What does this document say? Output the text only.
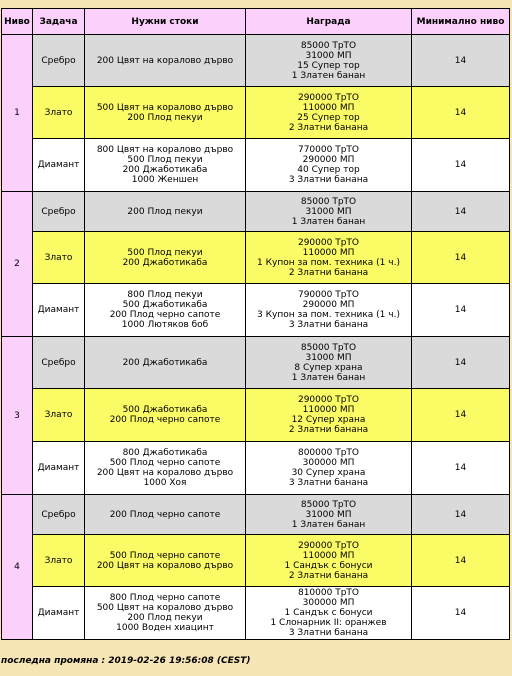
Ниво	Задача	Нужни стоки	Награда	Минимално ниво
1	Сребро	200 Цвят на коралово дърво	85000 ТрТО
31000 МП
15 Супер тор
1 Златен банан	14
	Злато	500 Цвят на коралово дърво
200 Плод пекуи	290000 ТрТО
110000 МП
25 Супер тор
2 Златни банана	14
	Диамант	800 Цвят на коралово дърво
500 Плод пекуи
200 Джаботикаба
1000 Женшен	770000 ТрТО
290000 МП
40 Супер тор
3 Златни банана	14
2	Сребро	200 Плод пекуи	85000 ТрТО
31000 МП
1 Златен банан	14
	Злато	500 Плод пекуи
200 Джаботикаба	290000 ТрТО
110000 МП
1 Купон за пом. техника (1 ч.)
2 Златни банана	14
	Диамант	800 Плод пекуи
500 Джаботикаба
200 Плод черно сапоте
1000 Лютяков боб	790000 ТрТО
290000 МП
3 Купон за пом. техника (1 ч.)
3 Златни банана	14
3	Сребро	200 Джаботикаба	85000 ТрТО
31000 МП
8 Супер храна
1 Златен банан	14
	Злато	500 Джаботикаба
200 Плод черно сапоте	290000 ТрТО
110000 МП
12 Супер храна
2 Златни банана	14
	Диамант	800 Джаботикаба
500 Плод черно сапоте
200 Цвят на коралово дърво
1000 Хоя	800000 ТрТО
300000 МП
30 Супер храна
3 Златни банана	14
4	Сребро	200 Плод черно сапоте	85000 ТрТО
31000 МП
1 Златен банан	14
	Злато	500 Плод черно сапоте
200 Цвят на коралово дърво	290000 ТрТО
110000 МП
1 Сандък с бонуси
2 Златни банана	14
	Диамант	800 Плод черно сапоте
500 Цвят на коралово дърво
200 Плод пекуи
1000 Воден хиацинт	810000 ТрТО
300000 МП
1 Сандък с бонуси
1 Слонарник II: оранжев
3 Златни банана	14
последна промяна : 2019-02-26 19:56:08 (CEST)
